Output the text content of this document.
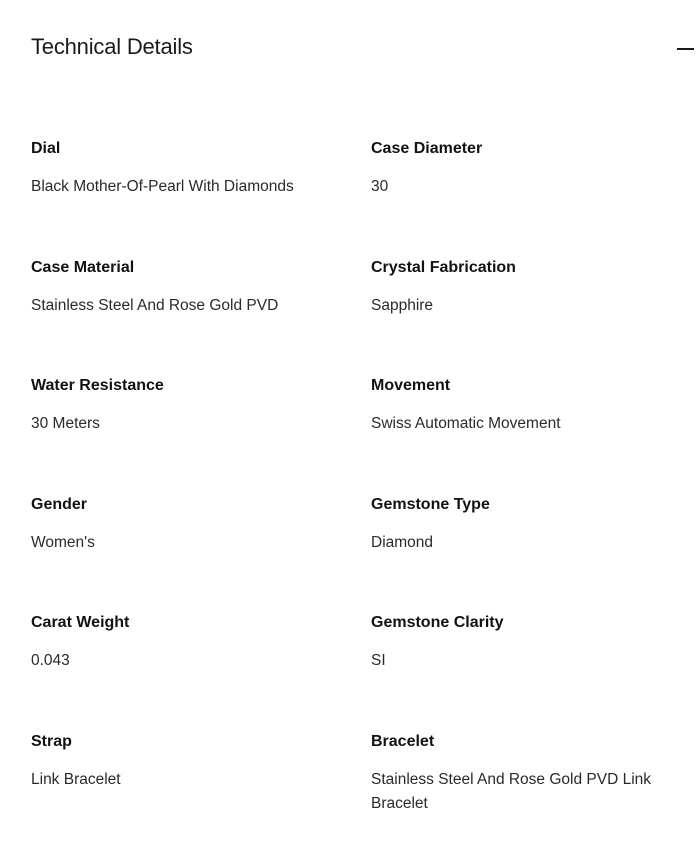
Technical Details
Dial
Black Mother-Of-Pearl With Diamonds
Case Diameter
30
Case Material
Stainless Steel And Rose Gold PVD
Crystal Fabrication
Sapphire
Water Resistance
30 Meters
Movement
Swiss Automatic Movement
Gender
Women's
Gemstone Type
Diamond
Carat Weight
0.043
Gemstone Clarity
SI
Strap
Link Bracelet
Bracelet
Stainless Steel And Rose Gold PVD Link Bracelet
